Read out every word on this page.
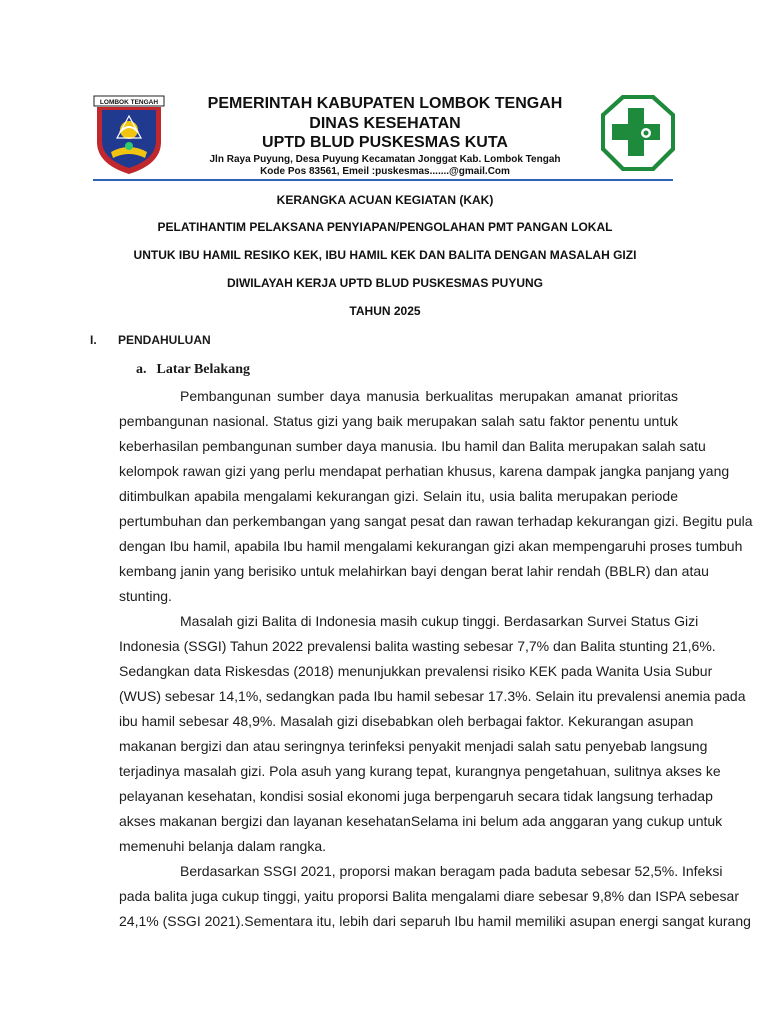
LOMBOK TENGAH	PEMERINTAH KABUPATEN LOMBOK TENGAH
DINAS KESEHATAN
UPTD BLUD PUSKESMAS KUTA
Jln Raya Puyung, Desa Puyung Kecamatan Jonggat Kab. Lombok Tengah
Kode Pos 83561, Emeil :puskesmas.......@gmail.Com
KERANGKA ACUAN KEGIATAN (KAK)
PELATIHANTIM PELAKSANA PENYIAPAN/PENGOLAHAN PMT PANGAN LOKAL
UNTUK IBU HAMIL RESIKO KEK, IBU HAMIL KEK DAN BALITA DENGAN MASALAH GIZI
DIWILAYAH KERJA UPTD BLUD PUSKESMAS PUYUNG
TAHUN 2025
I. PENDAHULUAN
a. Latar Belakang
Pembangunan sumber daya manusia berkualitas merupakan amanat prioritas
pembangunan nasional. Status gizi yang baik merupakan salah satu faktor penentu untuk
keberhasilan pembangunan sumber daya manusia. Ibu hamil dan Balita merupakan salah satu
kelompok rawan gizi yang perlu mendapat perhatian khusus, karena dampak jangka panjang yang
ditimbulkan apabila mengalami kekurangan gizi. Selain itu, usia balita merupakan periode
pertumbuhan dan perkembangan yang sangat pesat dan rawan terhadap kekurangan gizi. Begitu pula
dengan Ibu hamil, apabila Ibu hamil mengalami kekurangan gizi akan mempengaruhi proses tumbuh
kembang janin yang berisiko untuk melahirkan bayi dengan berat lahir rendah (BBLR) dan atau
stunting.
Masalah gizi Balita di Indonesia masih cukup tinggi. Berdasarkan Survei Status Gizi
Indonesia (SSGI) Tahun 2022 prevalensi balita wasting sebesar 7,7% dan Balita stunting 21,6%.
Sedangkan data Riskesdas (2018) menunjukkan prevalensi risiko KEK pada Wanita Usia Subur
(WUS) sebesar 14,1%, sedangkan pada Ibu hamil sebesar 17.3%. Selain itu prevalensi anemia pada
ibu hamil sebesar 48,9%. Masalah gizi disebabkan oleh berbagai faktor. Kekurangan asupan
makanan bergizi dan atau seringnya terinfeksi penyakit menjadi salah satu penyebab langsung
terjadinya masalah gizi. Pola asuh yang kurang tepat, kurangnya pengetahuan, sulitnya akses ke
pelayanan kesehatan, kondisi sosial ekonomi juga berpengaruh secara tidak langsung terhadap
akses makanan bergizi dan layanan kesehatanSelama ini belum ada anggaran yang cukup untuk
memenuhi belanja dalam rangka.
Berdasarkan SSGI 2021, proporsi makan beragam pada baduta sebesar 52,5%. Infeksi
pada balita juga cukup tinggi, yaitu proporsi Balita mengalami diare sebesar 9,8% dan ISPA sebesar
24,1% (SSGI 2021).Sementara itu, lebih dari separuh Ibu hamil memiliki asupan energi sangat kurang
